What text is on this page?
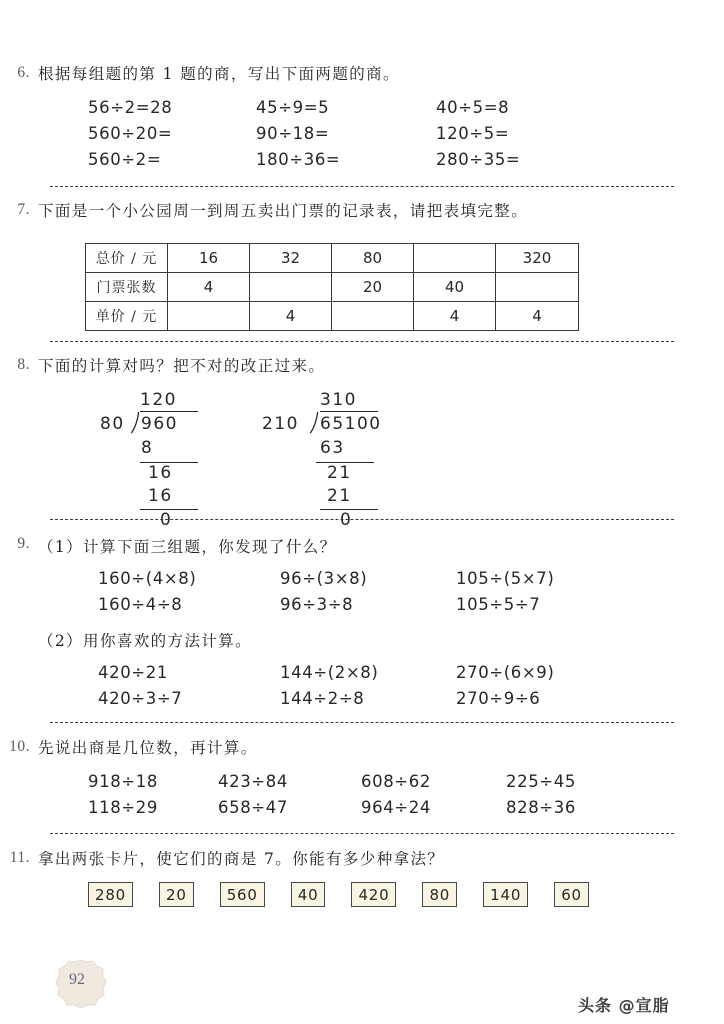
6. 根据每组题的第 1 题的商，写出下面两题的商。
56÷2=28
560÷20=
560÷2=
45÷9=5
90÷18=
180÷36=
40÷5=8
120÷5=
280÷35=
7. 下面是一个小公园周一到周五卖出门票的记录表，请把表填完整。
总价 / 元	16	32	80		320
门票张数	4		20	40	
单价 / 元		4		4	4
8. 下面的计算对吗？把不对的改正过来。
120
80 960
8
16
16
0
310
210 65100
63
21
21
0
9. （1）计算下面三组题，你发现了什么？
160÷(4×8)
160÷4÷8
96÷(3×8)
96÷3÷8
105÷(5×7)
105÷5÷7
（2）用你喜欢的方法计算。
420÷21
420÷3÷7
144÷(2×8)
144÷2÷8
270÷(6×9)
270÷9÷6
10. 先说出商是几位数，再计算。
918÷18
118÷29
423÷84
658÷47
608÷62
964÷24
225÷45
828÷36
11. 拿出两张卡片，使它们的商是 7。你能有多少种拿法？
280	20	560	40	420	80	140	60
92
头条 @宣脂
